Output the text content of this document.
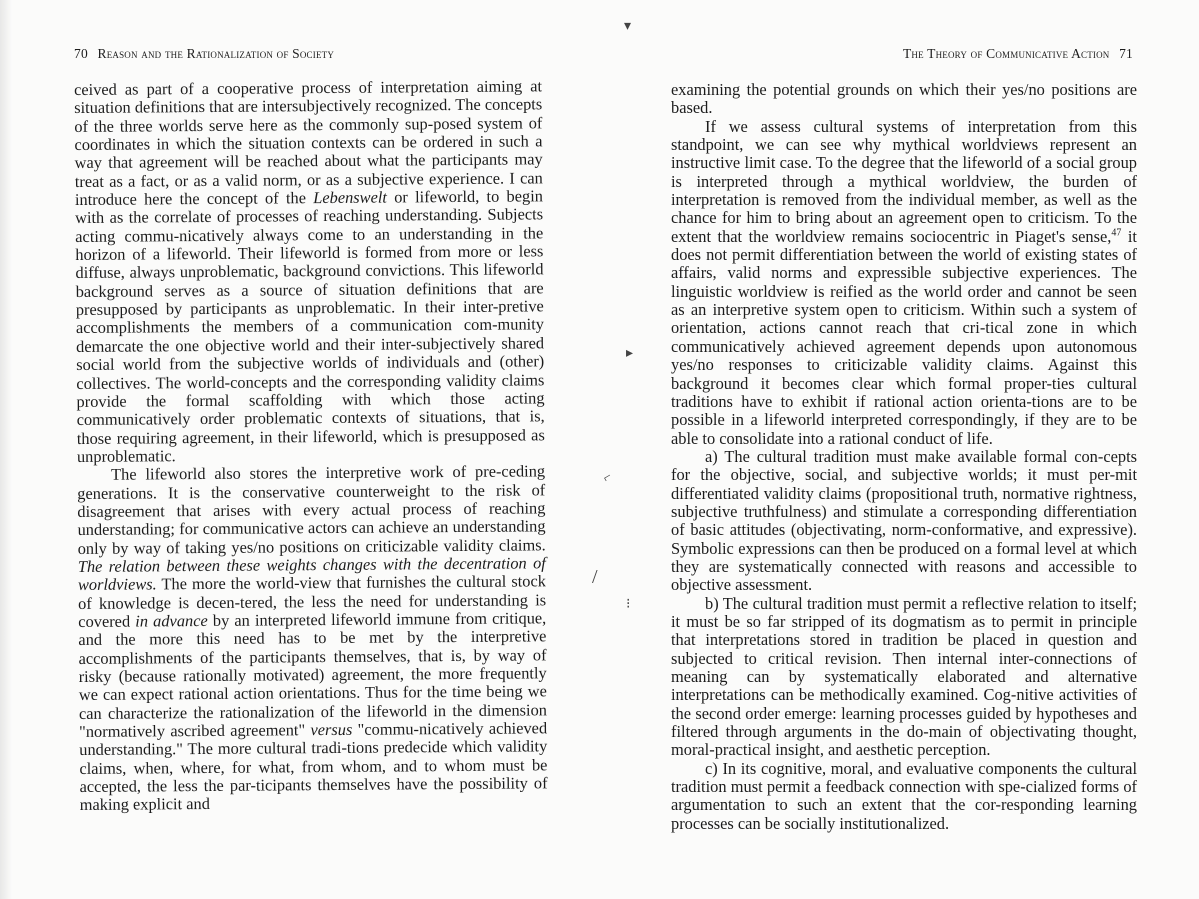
70 Reason and the Rationalization of Society

ceived as part of a cooperative process of interpretation aiming at situation definitions that are intersubjectively recognized. The concepts of the three worlds serve here as the commonly sup-posed system of coordinates in which the situation contexts can be ordered in such a way that agreement will be reached about what the participants may treat as a fact, or as a valid norm, or as a subjective experience. I can introduce here the concept of the Lebenswelt or lifeworld, to begin with as the correlate of processes of reaching understanding. Subjects acting commu-nicatively always come to an understanding in the horizon of a lifeworld. Their lifeworld is formed from more or less diffuse, always unproblematic, background convictions. This lifeworld background serves as a source of situation definitions that are presupposed by participants as unproblematic. In their inter-pretive accomplishments the members of a communication com-munity demarcate the one objective world and their inter-subjectively shared social world from the subjective worlds of individuals and (other) collectives. The world-concepts and the corresponding validity claims provide the formal scaffolding with which those acting communicatively order problematic contexts of situations, that is, those requiring agreement, in their lifeworld, which is presupposed as unproblematic.

The lifeworld also stores the interpretive work of pre-ceding generations. It is the conservative counterweight to the risk of disagreement that arises with every actual process of reaching understanding; for communicative actors can achieve an understanding only by way of taking yes/no positions on criticizable validity claims. The relation between these weights changes with the decentration of worldviews. The more the world-view that furnishes the cultural stock of knowledge is decen-tered, the less the need for understanding is covered in advance by an interpreted lifeworld immune from critique, and the more this need has to be met by the interpretive accomplishments of the participants themselves, that is, by way of risky (because rationally motivated) agreement, the more frequently we can expect rational action orientations. Thus for the time being we can characterize the rationalization of the lifeworld in the dimension "normatively ascribed agreement" versus "commu-nicatively achieved understanding." The more cultural tradi-tions predecide which validity claims, when, where, for what, from whom, and to whom must be accepted, the less the par-ticipants themselves have the possibility of making explicit and

The Theory of Communicative Action 71

examining the potential grounds on which their yes/no positions are based.

If we assess cultural systems of interpretation from this standpoint, we can see why mythical worldviews represent an instructive limit case. To the degree that the lifeworld of a social group is interpreted through a mythical worldview, the burden of interpretation is removed from the individual member, as well as the chance for him to bring about an agreement open to criticism. To the extent that the worldview remains sociocentric in Piaget's sense,$^{47}$ it does not permit differentiation between the world of existing states of affairs, valid norms and expressible subjective experiences. The linguistic worldview is reified as the world order and cannot be seen as an interpretive system open to criticism. Within such a system of orientation, actions cannot reach that cri-tical zone in which communicatively achieved agreement depends upon autonomous yes/no responses to criticizable validity claims. Against this background it becomes clear which formal proper-ties cultural traditions have to exhibit if rational action orienta-tions are to be possible in a lifeworld interpreted correspondingly, if they are to be able to consolidate into a rational conduct of life.

a) The cultural tradition must make available formal con-cepts for the objective, social, and subjective worlds; it must per-mit differentiated validity claims (propositional truth, normative rightness, subjective truthfulness) and stimulate a corresponding differentiation of basic attitudes (objectivating, norm-conformative, and expressive). Symbolic expressions can then be produced on a formal level at which they are systematically connected with reasons and accessible to objective assessment.

b) The cultural tradition must permit a reflective relation to itself; it must be so far stripped of its dogmatism as to permit in principle that interpretations stored in tradition be placed in question and subjected to critical revision. Then internal inter-connections of meaning can by systematically elaborated and alternative interpretations can be methodically examined. Cog-nitive activities of the second order emerge: learning processes guided by hypotheses and filtered through arguments in the do-main of objectivating thought, moral-practical insight, and aesthetic perception.

c) In its cognitive, moral, and evaluative components the cultural tradition must permit a feedback connection with spe-cialized forms of argumentation to such an extent that the cor-responding learning processes can be socially institutionalized.

▾
▸
⌐
/
⁝
